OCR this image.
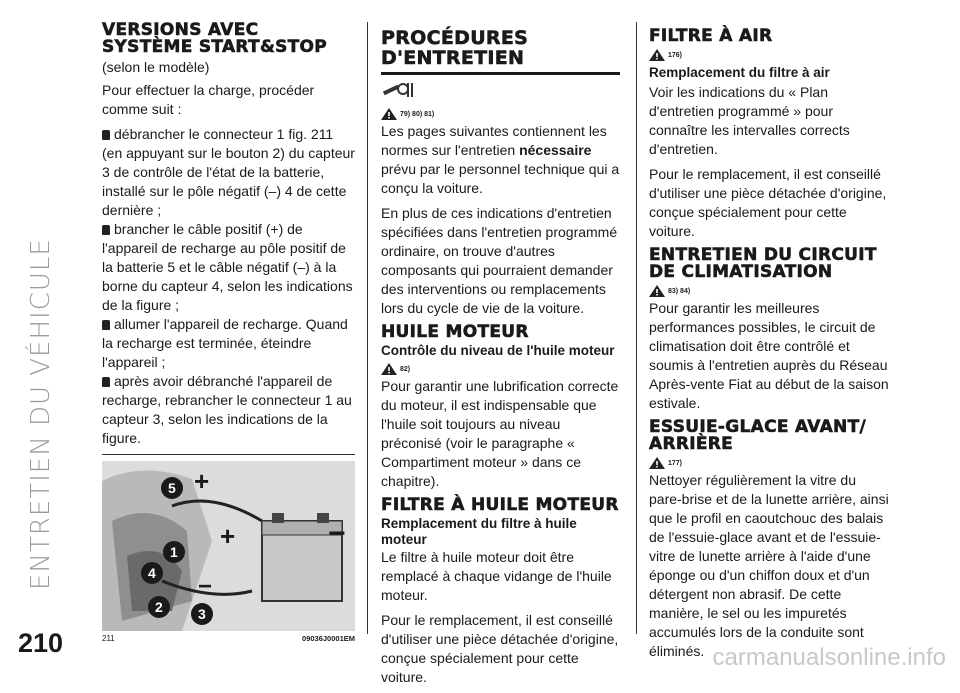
ENTRETIEN DU VÉHICULE
210	carmanualsonline.info
VERSIONS AVEC
SYSTÈME START&STOP

(selon le modèle)

Pour effectuer la charge, procéder comme suit :

débrancher le connecteur 1 fig. 211 (en appuyant sur le bouton 2) du capteur 3 de contrôle de l'état de la batterie, installé sur le pôle négatif (–) 4 de cette dernière ;

brancher le câble positif (+) de l'appareil de recharge au pôle positif de la batterie 5 et le câble négatif (–) à la borne du capteur 4, selon les indications de la figure ;

allumer l'appareil de recharge. Quand la recharge est terminée, éteindre l'appareil ;

après avoir débranché l'appareil de recharge, rebrancher le connecteur 1 au capteur 3, selon les indications de la figure.

5
1
4
2	3
+
+	−
−
211	09036J0001EM
PROCÉDURES D'ENTRETIEN
79) 80) 81)

Les pages suivantes contiennent les normes sur l'entretien nécessaire prévu par le personnel technique qui a conçu la voiture.

En plus de ces indications d'entretien spécifiées dans l'entretien programmé ordinaire, on trouve d'autres composants qui pourraient demander des interventions ou remplacements lors du cycle de vie de la voiture.

HUILE MOTEUR
Contrôle du niveau de l'huile moteur
82)

Pour garantir une lubrification correcte du moteur, il est indispensable que l'huile soit toujours au niveau préconisé (voir le paragraphe « Compartiment moteur » dans ce chapitre).

FILTRE À HUILE MOTEUR
Remplacement du filtre à huile moteur

Le filtre à huile moteur doit être remplacé à chaque vidange de l'huile moteur.

Pour le remplacement, il est conseillé d'utiliser une pièce détachée d'origine, conçue spécialement pour cette voiture.

FILTRE À AIR
176)
Remplacement du filtre à air

Voir les indications du « Plan d'entretien programmé » pour connaître les intervalles corrects d'entretien.

Pour le remplacement, il est conseillé d'utiliser une pièce détachée d'origine, conçue spécialement pour cette voiture.

ENTRETIEN DU CIRCUIT DE CLIMATISATION
83) 84)

Pour garantir les meilleures performances possibles, le circuit de climatisation doit être contrôlé et soumis à l'entretien auprès du Réseau Après-vente Fiat au début de la saison estivale.

ESSUIE-GLACE AVANT/ ARRIÈRE
177)

Nettoyer régulièrement la vitre du pare-brise et de la lunette arrière, ainsi que le profil en caoutchouc des balais de l'essuie-glace avant et de l'essuie-vitre de lunette arrière à l'aide d'une éponge ou d'un chiffon doux et d'un détergent non abrasif. De cette manière, le sel ou les impuretés accumulés lors de la conduite sont éliminés.
